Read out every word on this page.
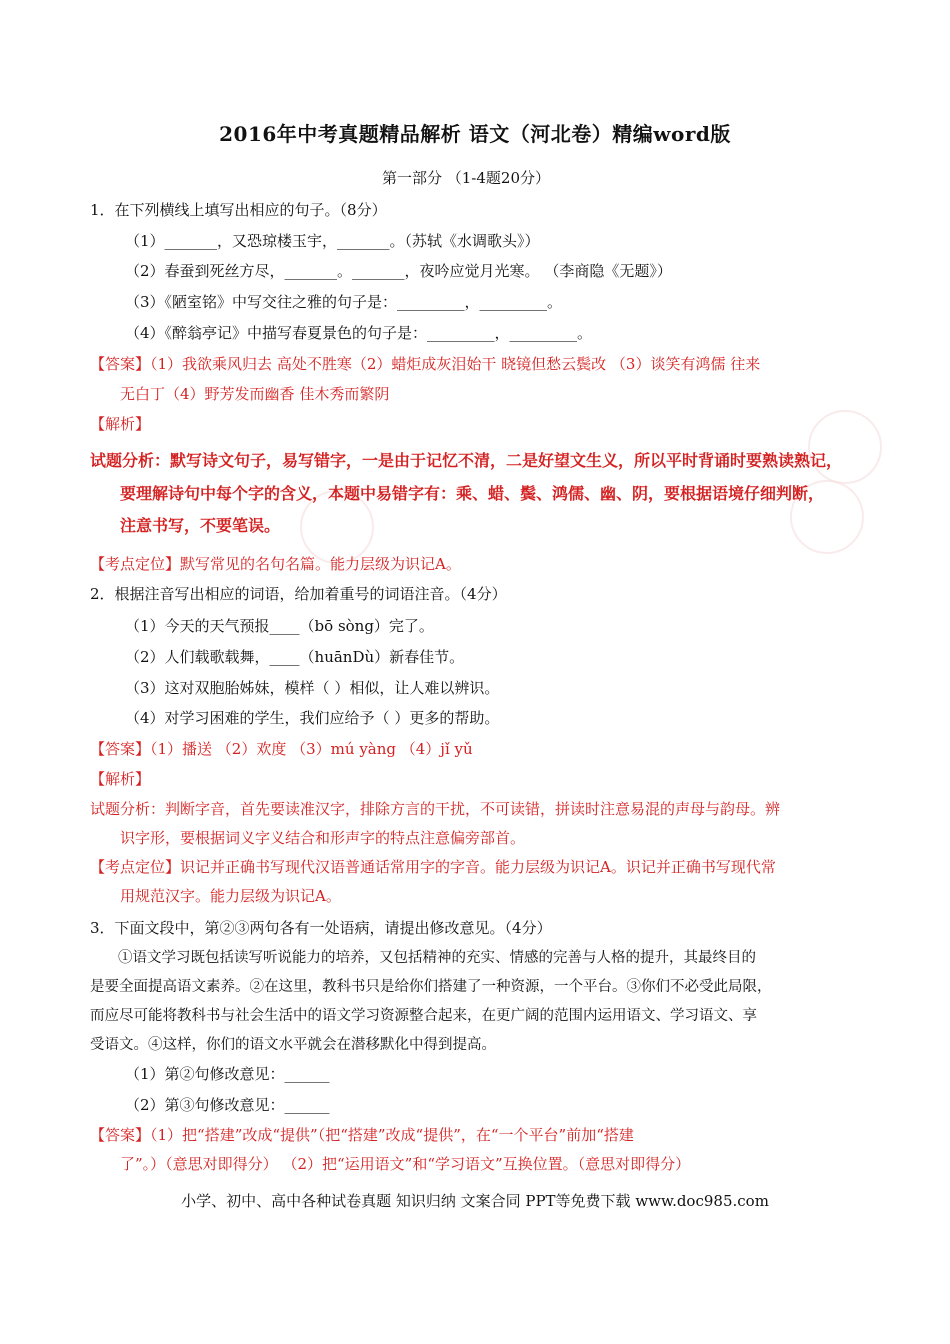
2016年中考真题精品解析 语文（河北卷）精编word版
第一部分 （1-4题20分）
1．在下列横线上填写出相应的句子。（8分）
（1）_______，又恐琼楼玉宇，_______。（苏轼《水调歌头》）
（2）春蚕到死丝方尽，_______。_______，夜吟应觉月光寒。 （李商隐《无题》）
（3）《陋室铭》中写交往之雅的句子是：_________，_________。
（4）《醉翁亭记》中描写春夏景色的句子是：_________，_________。
【答案】（1）我欲乘风归去 高处不胜寒（2）蜡炬成灰泪始干 晓镜但愁云鬓改 （3）谈笑有鸿儒 往来
无白丁（4）野芳发而幽香 佳木秀而繁阴
【解析】
试题分析：默写诗文句子，易写错字，一是由于记忆不清，二是好望文生义，所以平时背诵时要熟读熟记，
要理解诗句中每个字的含义，本题中易错字有：乘、蜡、鬓、鸿儒、幽、阴，要根据语境仔细判断，
注意书写，不要笔误。
【考点定位】默写常见的名句名篇。能力层级为识记A。
2．根据注音写出相应的词语，给加着重号的词语注音。（4分）
（1）今天的天气预报____（bō sòng）完了。
（2）人们载歌载舞，____（huānDù）新春佳节。
（3）这对双胞胎姊妹，模样（ ）相似，让人难以辨识。
（4）对学习困难的学生，我们应给予（ ）更多的帮助。
【答案】（1）播送 （2）欢度 （3）mú yàng （4）jǐ yǔ
【解析】
试题分析：判断字音，首先要读准汉字，排除方言的干扰，不可读错，拼读时注意易混的声母与韵母。辨
识字形，要根据词义字义结合和形声字的特点注意偏旁部首。
【考点定位】识记并正确书写现代汉语普通话常用字的字音。能力层级为识记A。识记并正确书写现代常
用规范汉字。能力层级为识记A。
3．下面文段中，第②③两句各有一处语病，请提出修改意见。（4分）
①语文学习既包括读写听说能力的培养，又包括精神的充实、情感的完善与人格的提升，其最终目的
是要全面提高语文素养。②在这里，教科书只是给你们搭建了一种资源，一个平台。③你们不必受此局限，
而应尽可能将教科书与社会生活中的语文学习资源整合起来，在更广阔的范围内运用语文、学习语文、享
受语文。④这样，你们的语文水平就会在潜移默化中得到提高。
（1）第②句修改意见：______
（2）第③句修改意见：______
【答案】（1）把“搭建”改成“提供”（把“搭建”改成“提供”，在“一个平台”前加“搭建
了”。）（意思对即得分） （2）把“运用语文”和“学习语文”互换位置。（意思对即得分）
小学、初中、高中各种试卷真题 知识归纳 文案合同 PPT等免费下载 www.doc985.com
